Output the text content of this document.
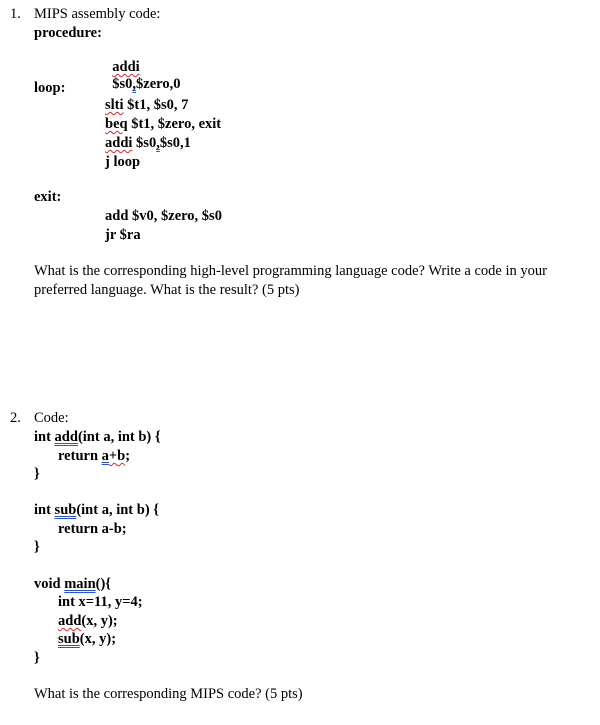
1. MIPS assembly code:
procedure:

addi
$s0,$zero,0

loop:
slti $t1, $s0, 7
beq $t1, $zero, exit
addi $s0,$s0,1
j loop
exit:
add $v0, $zero, $s0
jr $ra
What is the corresponding high-level programming language code? Write a code in your preferred language. What is the result? (5 pts)
2. Code:
int add(int a, int b) {
return a+b;
}
int sub(int a, int b) {
return a-b;
}
void main(){
int x=11, y=4;
add(x, y);
sub(x, y);
}
What is the corresponding MIPS code? (5 pts)
